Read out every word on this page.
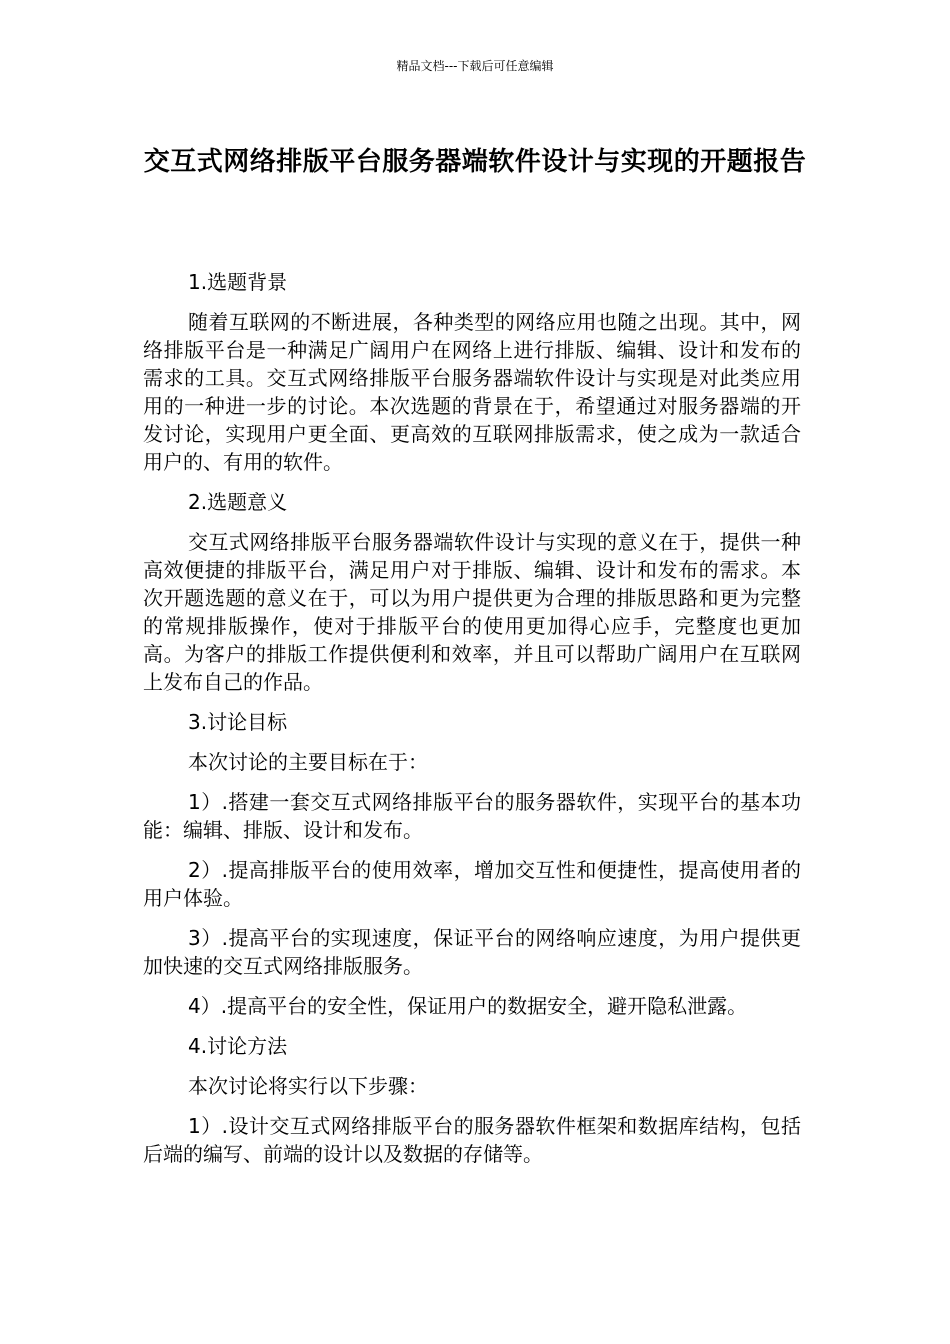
精品文档---下载后可任意编辑
交互式网络排版平台服务器端软件设计与实现的开题报告

1.选题背景

随着互联网的不断进展，各种类型的网络应用也随之出现。其中，网络排版平台是一种满足广阔用户在网络上进行排版、编辑、设计和发布的需求的工具。交互式网络排版平台服务器端软件设计与实现是对此类应用用的一种进一步的讨论。本次选题的背景在于，希望通过对服务器端的开发讨论，实现用户更全面、更高效的互联网排版需求，使之成为一款适合用户的、有用的软件。

2.选题意义

交互式网络排版平台服务器端软件设计与实现的意义在于，提供一种高效便捷的排版平台，满足用户对于排版、编辑、设计和发布的需求。本次开题选题的意义在于，可以为用户提供更为合理的排版思路和更为完整的常规排版操作，使对于排版平台的使用更加得心应手，完整度也更加高。为客户的排版工作提供便利和效率，并且可以帮助广阔用户在互联网上发布自己的作品。

3.讨论目标

本次讨论的主要目标在于：

1）.搭建一套交互式网络排版平台的服务器软件，实现平台的基本功能：编辑、排版、设计和发布。

2）.提高排版平台的使用效率，增加交互性和便捷性，提高使用者的用户体验。

3）.提高平台的实现速度，保证平台的网络响应速度，为用户提供更加快速的交互式网络排版服务。

4）.提高平台的安全性，保证用户的数据安全，避开隐私泄露。

4.讨论方法

本次讨论将实行以下步骤：

1）.设计交互式网络排版平台的服务器软件框架和数据库结构，包括后端的编写、前端的设计以及数据的存储等。
